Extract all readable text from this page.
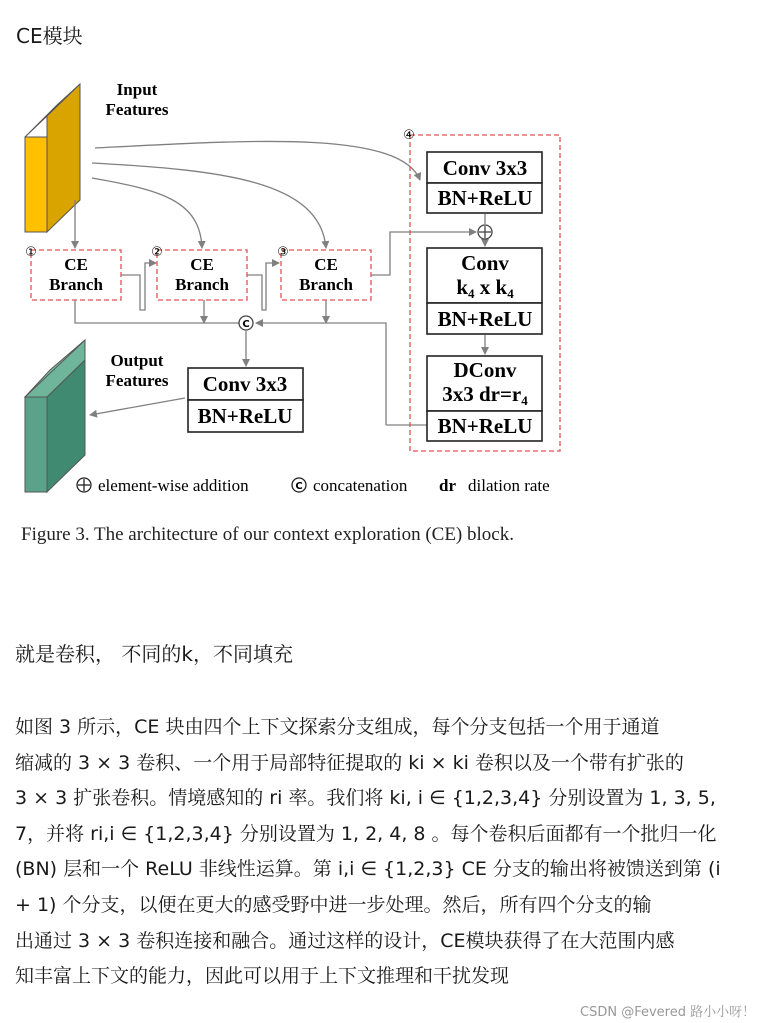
CE模块
Input
Features
Output
Features
CE
Branch
CE
Branch
CE
Branch
①	②	③
④
Conv 3x3
BN+ReLU
Conv
k4 x k4
BN+ReLU
DConv
3x3 dr=r4
BN+ReLU
C
Conv 3x3
BN+ReLU
element-wise addition	C concatenation dr dilation rate
Figure 3. The architecture of our context exploration (CE) block.
就是卷积， 不同的k，不同填充
如图 3 所示，CE 块由四个上下文探索分支组成，每个分支包括一个用于通道
缩减的 3 × 3 卷积、一个用于局部特征提取的 ki × ki 卷积以及一个带有扩张的
3 × 3 扩张卷积。情境感知的 ri 率。我们将 ki, i ∈ {1,2,3,4} 分别设置为 1, 3, 5,
7，并将 ri,i ∈ {1,2,3,4} 分别设置为 1, 2, 4, 8 。每个卷积后面都有一个批归一化
(BN) 层和一个 ReLU 非线性运算。第 i,i ∈ {1,2,3} CE 分支的输出将被馈送到第 (i
+ 1) 个分支，以便在更大的感受野中进一步处理。然后，所有四个分支的输
出通过 3 × 3 卷积连接和融合。通过这样的设计，CE模块获得了在大范围内感
知丰富上下文的能力，因此可以用于上下文推理和干扰发现
CSDN @Fevered 路小小呀！
